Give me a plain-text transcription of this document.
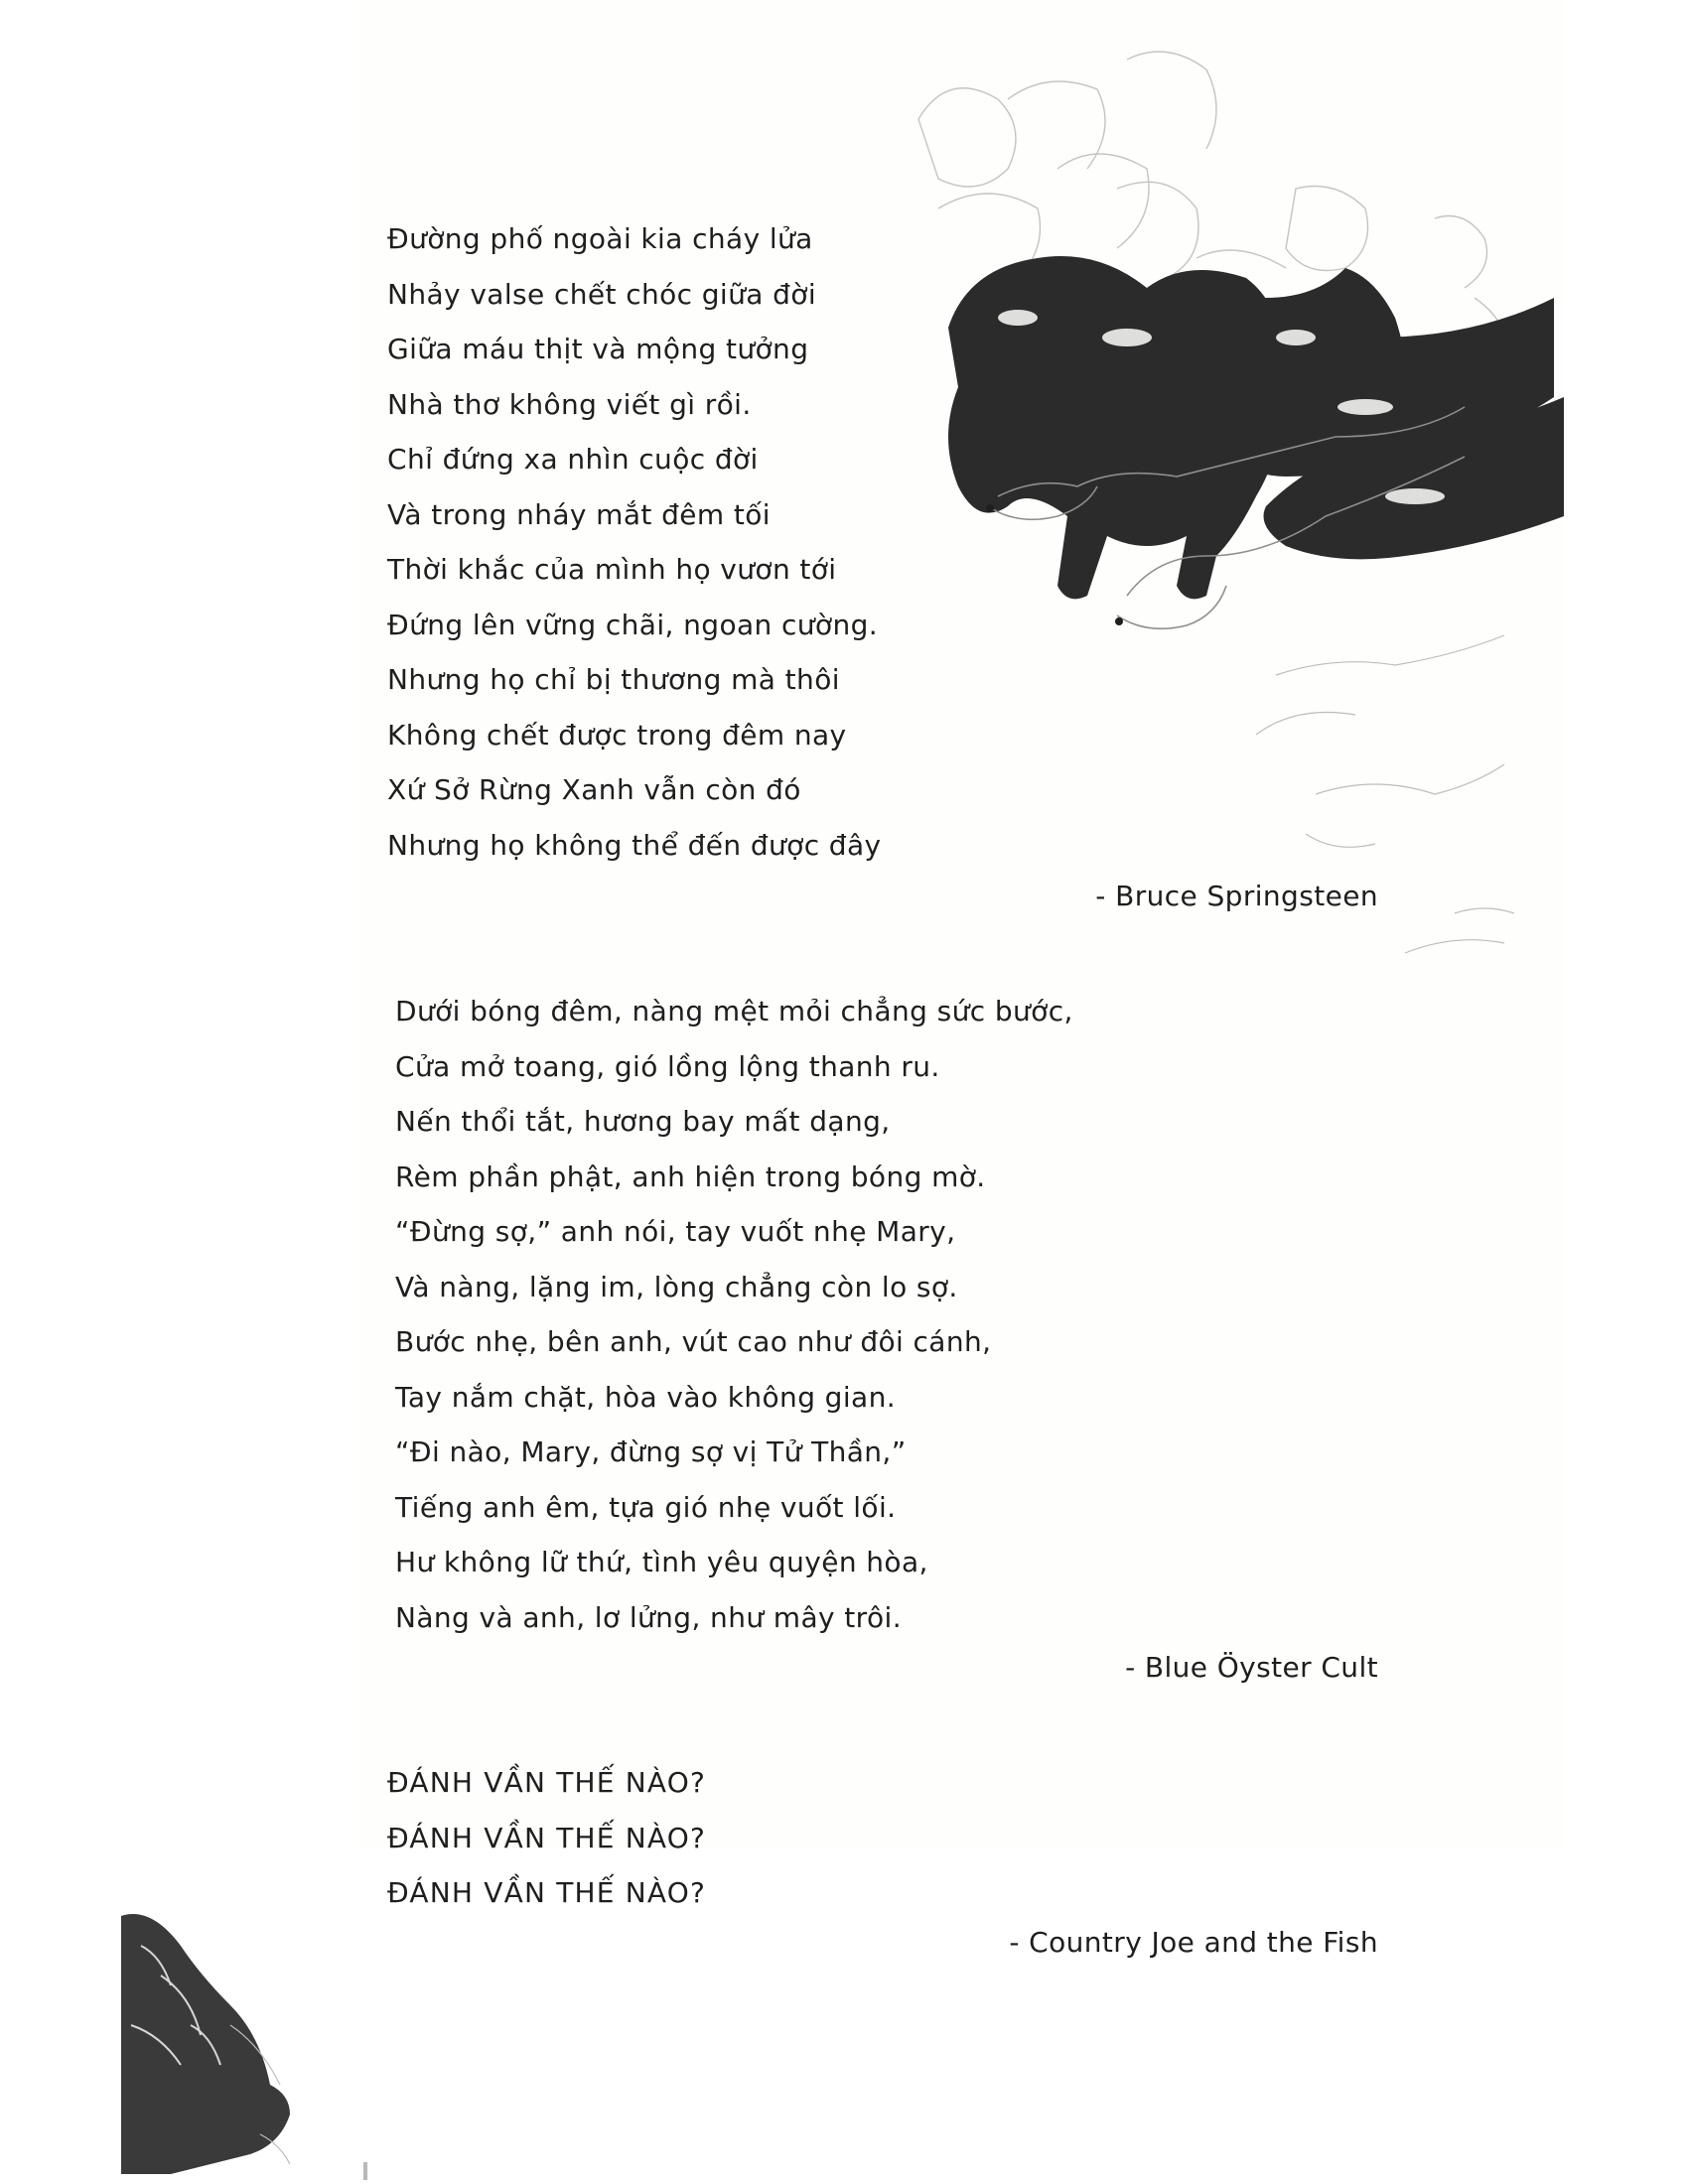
Đường phố ngoài kia cháy lửa
Nhảy valse chết chóc giữa đời
Giữa máu thịt và mộng tưởng
Nhà thơ không viết gì rồi.
Chỉ đứng xa nhìn cuộc đời
Và trong nháy mắt đêm tối
Thời khắc của mình họ vươn tới
Đứng lên vững chãi, ngoan cường.
Nhưng họ chỉ bị thương mà thôi
Không chết được trong đêm nay
Xứ Sở Rừng Xanh vẫn còn đó
Nhưng họ không thể đến được đây
- Bruce Springsteen
Dưới bóng đêm, nàng mệt mỏi chẳng sức bước,
Cửa mở toang, gió lồng lộng thanh ru.
Nến thổi tắt, hương bay mất dạng,
Rèm phần phật, anh hiện trong bóng mờ.
“Đừng sợ,” anh nói, tay vuốt nhẹ Mary,
Và nàng, lặng im, lòng chẳng còn lo sợ.
Bước nhẹ, bên anh, vút cao như đôi cánh,
Tay nắm chặt, hòa vào không gian.
“Đi nào, Mary, đừng sợ vị Tử Thần,”
Tiếng anh êm, tựa gió nhẹ vuốt lối.
Hư không lữ thứ, tình yêu quyện hòa,
Nàng và anh, lơ lửng, như mây trôi.
- Blue Öyster Cult
ĐÁNH VẦN THẾ NÀO?
ĐÁNH VẦN THẾ NÀO?
ĐÁNH VẦN THẾ NÀO?
- Country Joe and the Fish
